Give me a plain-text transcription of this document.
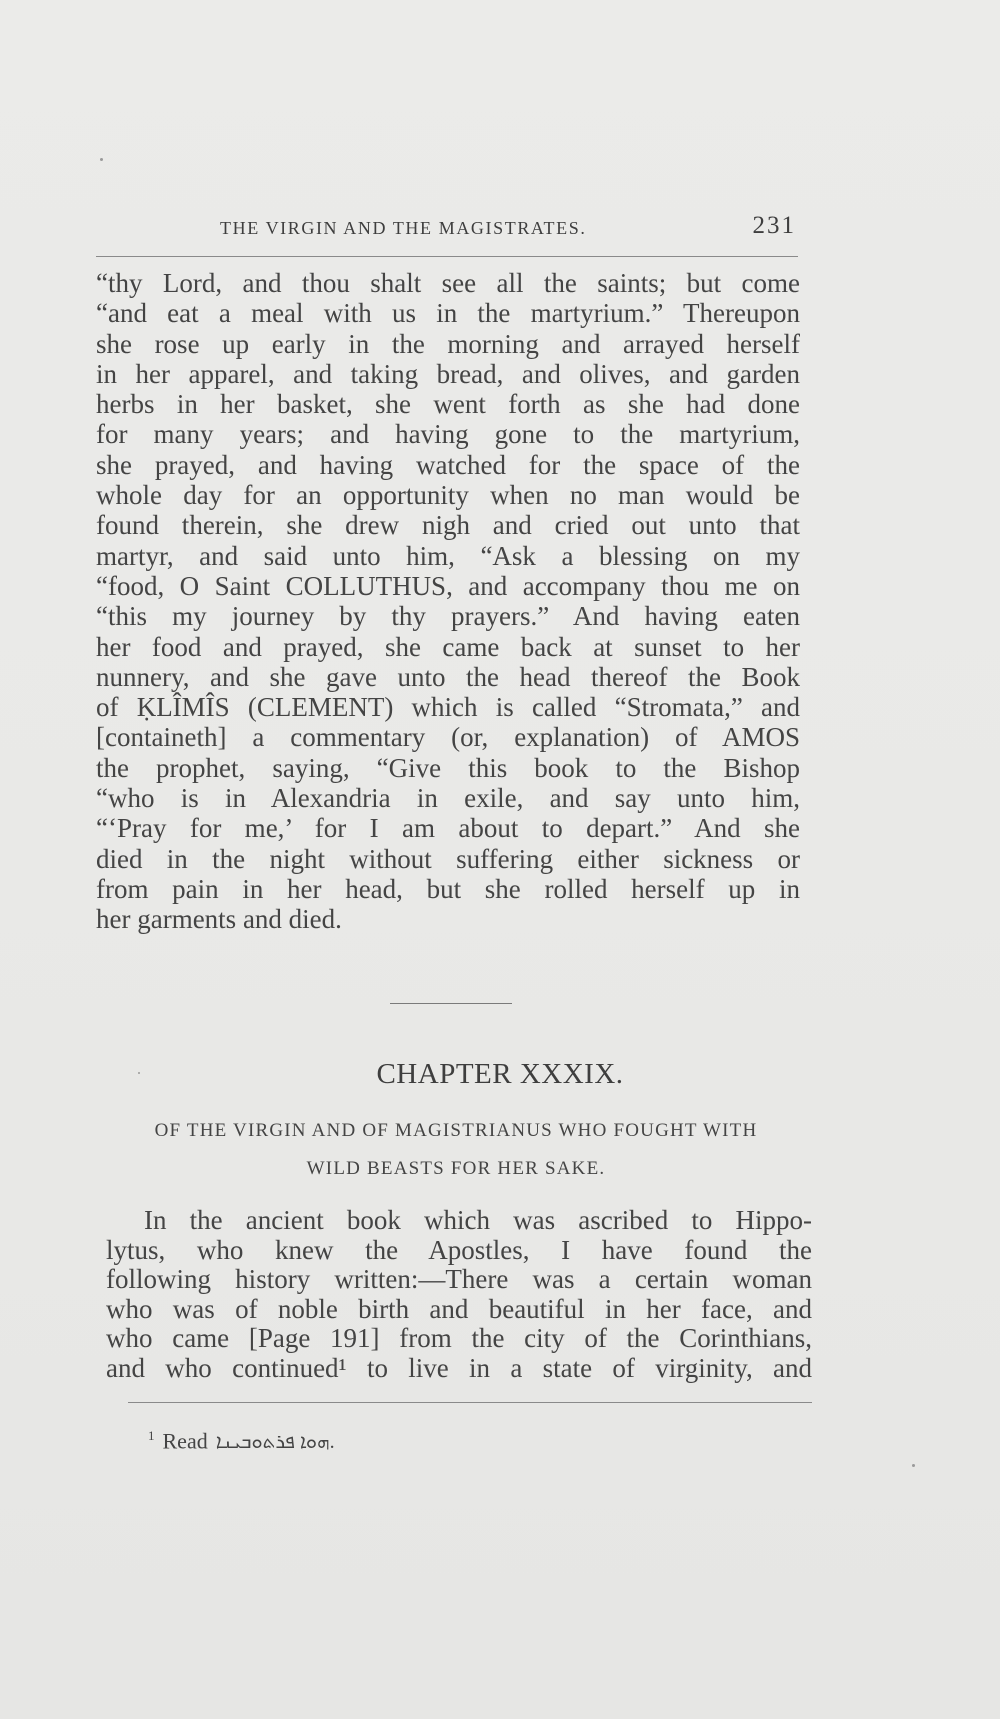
THE VIRGIN AND THE MAGISTRATES.	231
“thy Lord, and thou shalt see all the saints; but come
“and eat a meal with us in the martyrium.” Thereupon
she rose up early in the morning and arrayed herself
in her apparel, and taking bread, and olives, and garden
herbs in her basket, she went forth as she had done
for many years; and having gone to the martyrium,
she prayed, and having watched for the space of the
whole day for an opportunity when no man would be
found therein, she drew nigh and cried out unto that
martyr, and said unto him, “Ask a blessing on my
“food, O Saint COLLUTHUS, and accompany thou me on
“this my journey by thy prayers.” And having eaten
her food and prayed, she came back at sunset to her
nunnery, and she gave unto the head thereof the Book
of ḲLÎMÎS (CLEMENT) which is called “Stromata,” and
[containeth] a commentary (or, explanation) of AMOS
the prophet, saying, “Give this book to the Bishop
“who is in Alexandria in exile, and say unto him,
“‘Pray for me,’ for I am about to depart.” And she
died in the night without suffering either sickness or
from pain in her head, but she rolled herself up in
her garments and died.
CHAPTER XXXIX.
OF THE VIRGIN AND OF MAGISTRIANUS WHO FOUGHT WITH
WILD BEASTS FOR HER SAKE.
In the ancient book which was ascribed to Hippo-
lytus, who knew the Apostles, I have found the
following history written:—There was a certain woman
who was of noble birth and beautiful in her face, and
who came [Page 191] from the city of the Corinthians,
and who continued¹ to live in a state of virginity, and
$^1$ Read ܗܘܐ ܦܪܬܘܒܝܢܐ.
